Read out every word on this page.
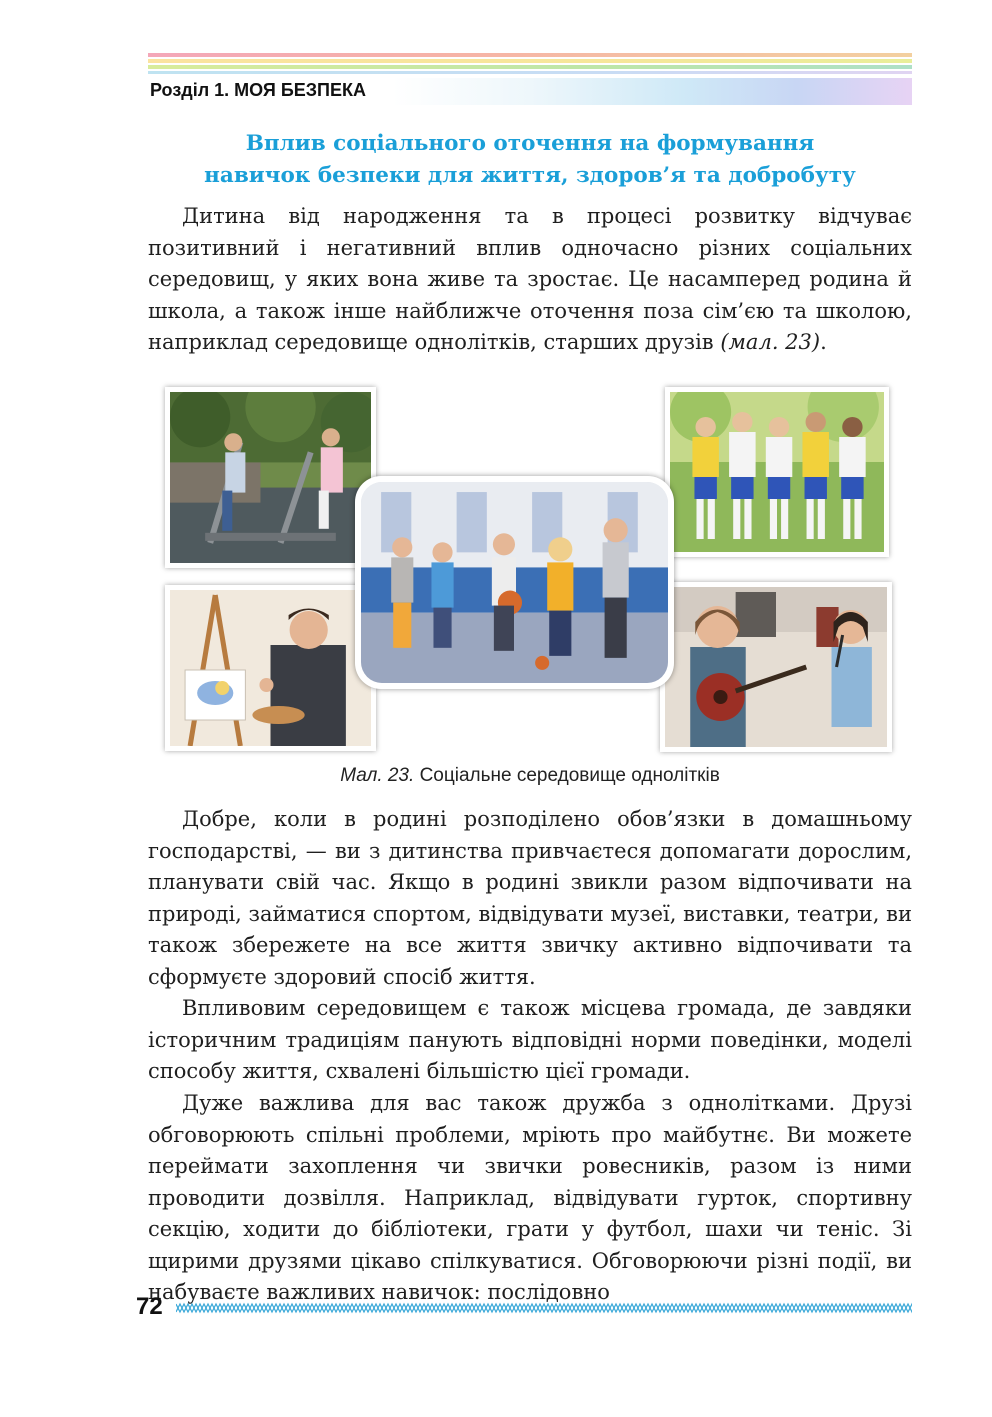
Розділ 1. МОЯ БЕЗПЕКА
Вплив соціального оточення на формування
навичок безпеки для життя, здоров’я та добробуту

Дитина від народження та в процесі розвитку відчуває позитивний і негативний вплив одночасно різних соціальних середовищ, у яких вона живе та зростає. Це насамперед родина й школа, а також інше найближче оточення поза сім’єю та школою, наприклад середовище однолітків, старших друзів (мал. 23).

Мал. 23. Соціальне середовище однолітків

Добре, коли в родині розподілено обов’язки в домашньому господарстві, — ви з дитинства привчаєтеся допомагати дорослим, планувати свій час. Якщо в родині звикли разом відпочивати на природі, займатися спортом, відвідувати музеї, виставки, театри, ви також збережете на все життя звичку активно відпочивати та сформуєте здоровий спосіб життя.

Впливовим середовищем є також місцева громада, де завдяки історичним традиціям панують відповідні норми поведінки, моделі способу життя, схвалені більшістю цієї громади.

Дуже важлива для вас також дружба з однолітками. Друзі обговорюють спільні проблеми, мріють про майбутнє. Ви можете переймати захоплення чи звички ровесників, разом із ними проводити дозвілля. Наприклад, відвідувати гурток, спортивну секцію, ходити до бібліотеки, грати у футбол, шахи чи теніс. Зі щирими друзями цікаво спілкуватися. Обговорюючи різні події, ви набуваєте важливих навичок: послідовно

72
